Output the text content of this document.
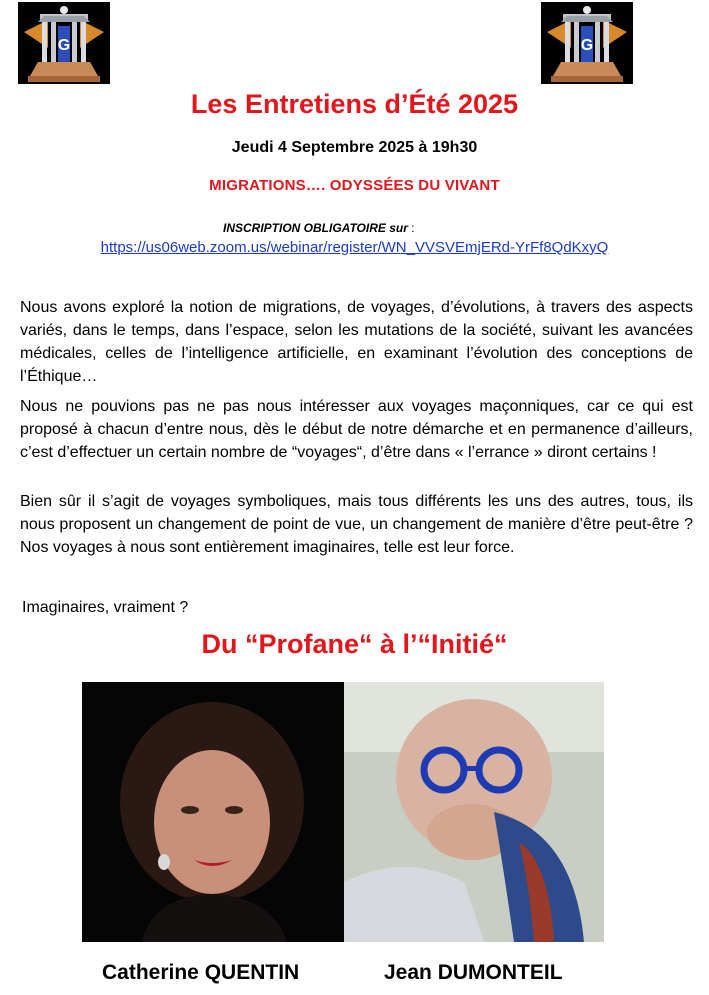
G	G
Les Entretiens d’Été 2025
Jeudi 4 Septembre 2025 à 19h30
MIGRATIONS…. ODYSSÉES DU VIVANT
INSCRIPTION OBLIGATOIRE sur :
https://us06web.zoom.us/webinar/register/WN_VVSVEmjERd-YrFf8QdKxyQ

Nous avons exploré la notion de migrations, de voyages, d’évolutions, à travers des aspects variés, dans le temps, dans l’espace, selon les mutations de la société, suivant les avancées médicales, celles de l’intelligence artificielle, en examinant l’évolution des conceptions de l’Éthique…

Nous ne pouvions pas ne pas nous intéresser aux voyages maçonniques, car ce qui est proposé à chacun d’entre nous, dès le début de notre démarche et en permanence d’ailleurs, c’est d’effectuer un certain nombre de “voyages“, d’être dans « l’errance » diront certains !

Bien sûr il s’agit de voyages symboliques, mais tous différents les uns des autres, tous, ils nous proposent un changement de point de vue, un changement de manière d’être peut-être ? Nos voyages à nous sont entièrement imaginaires, telle est leur force.

Imaginaires, vraiment ?

Du “Profane“ à l’“Initié“
Catherine QUENTIN	Jean DUMONTEIL
